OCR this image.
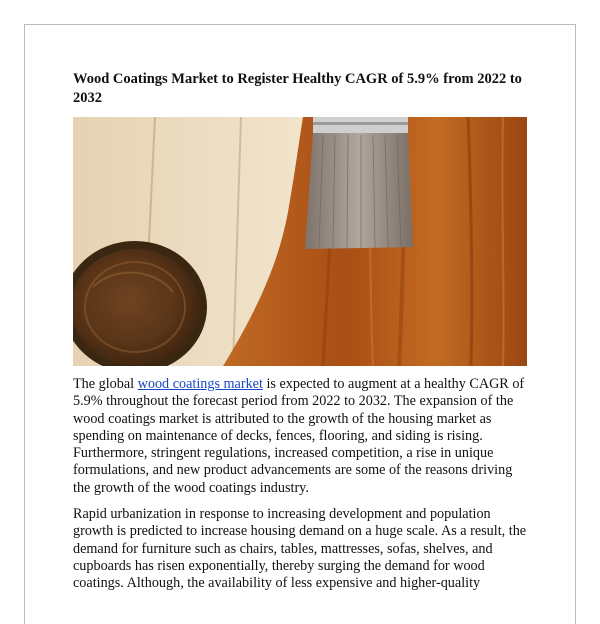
Wood Coatings Market to Register Healthy CAGR of 5.9% from 2022 to 2032

The global wood coatings market is expected to augment at a healthy CAGR of 5.9% throughout the forecast period from 2022 to 2032. The expansion of the wood coatings market is attributed to the growth of the housing market as spending on maintenance of decks, fences, flooring, and siding is rising. Furthermore, stringent regulations, increased competition, a rise in unique formulations, and new product advancements are some of the reasons driving the growth of the wood coatings industry.

Rapid urbanization in response to increasing development and population growth is predicted to increase housing demand on a huge scale. As a result, the demand for furniture such as chairs, tables, mattresses, sofas, shelves, and cupboards has risen exponentially, thereby surging the demand for wood coatings. Although, the availability of less expensive and higher-quality
